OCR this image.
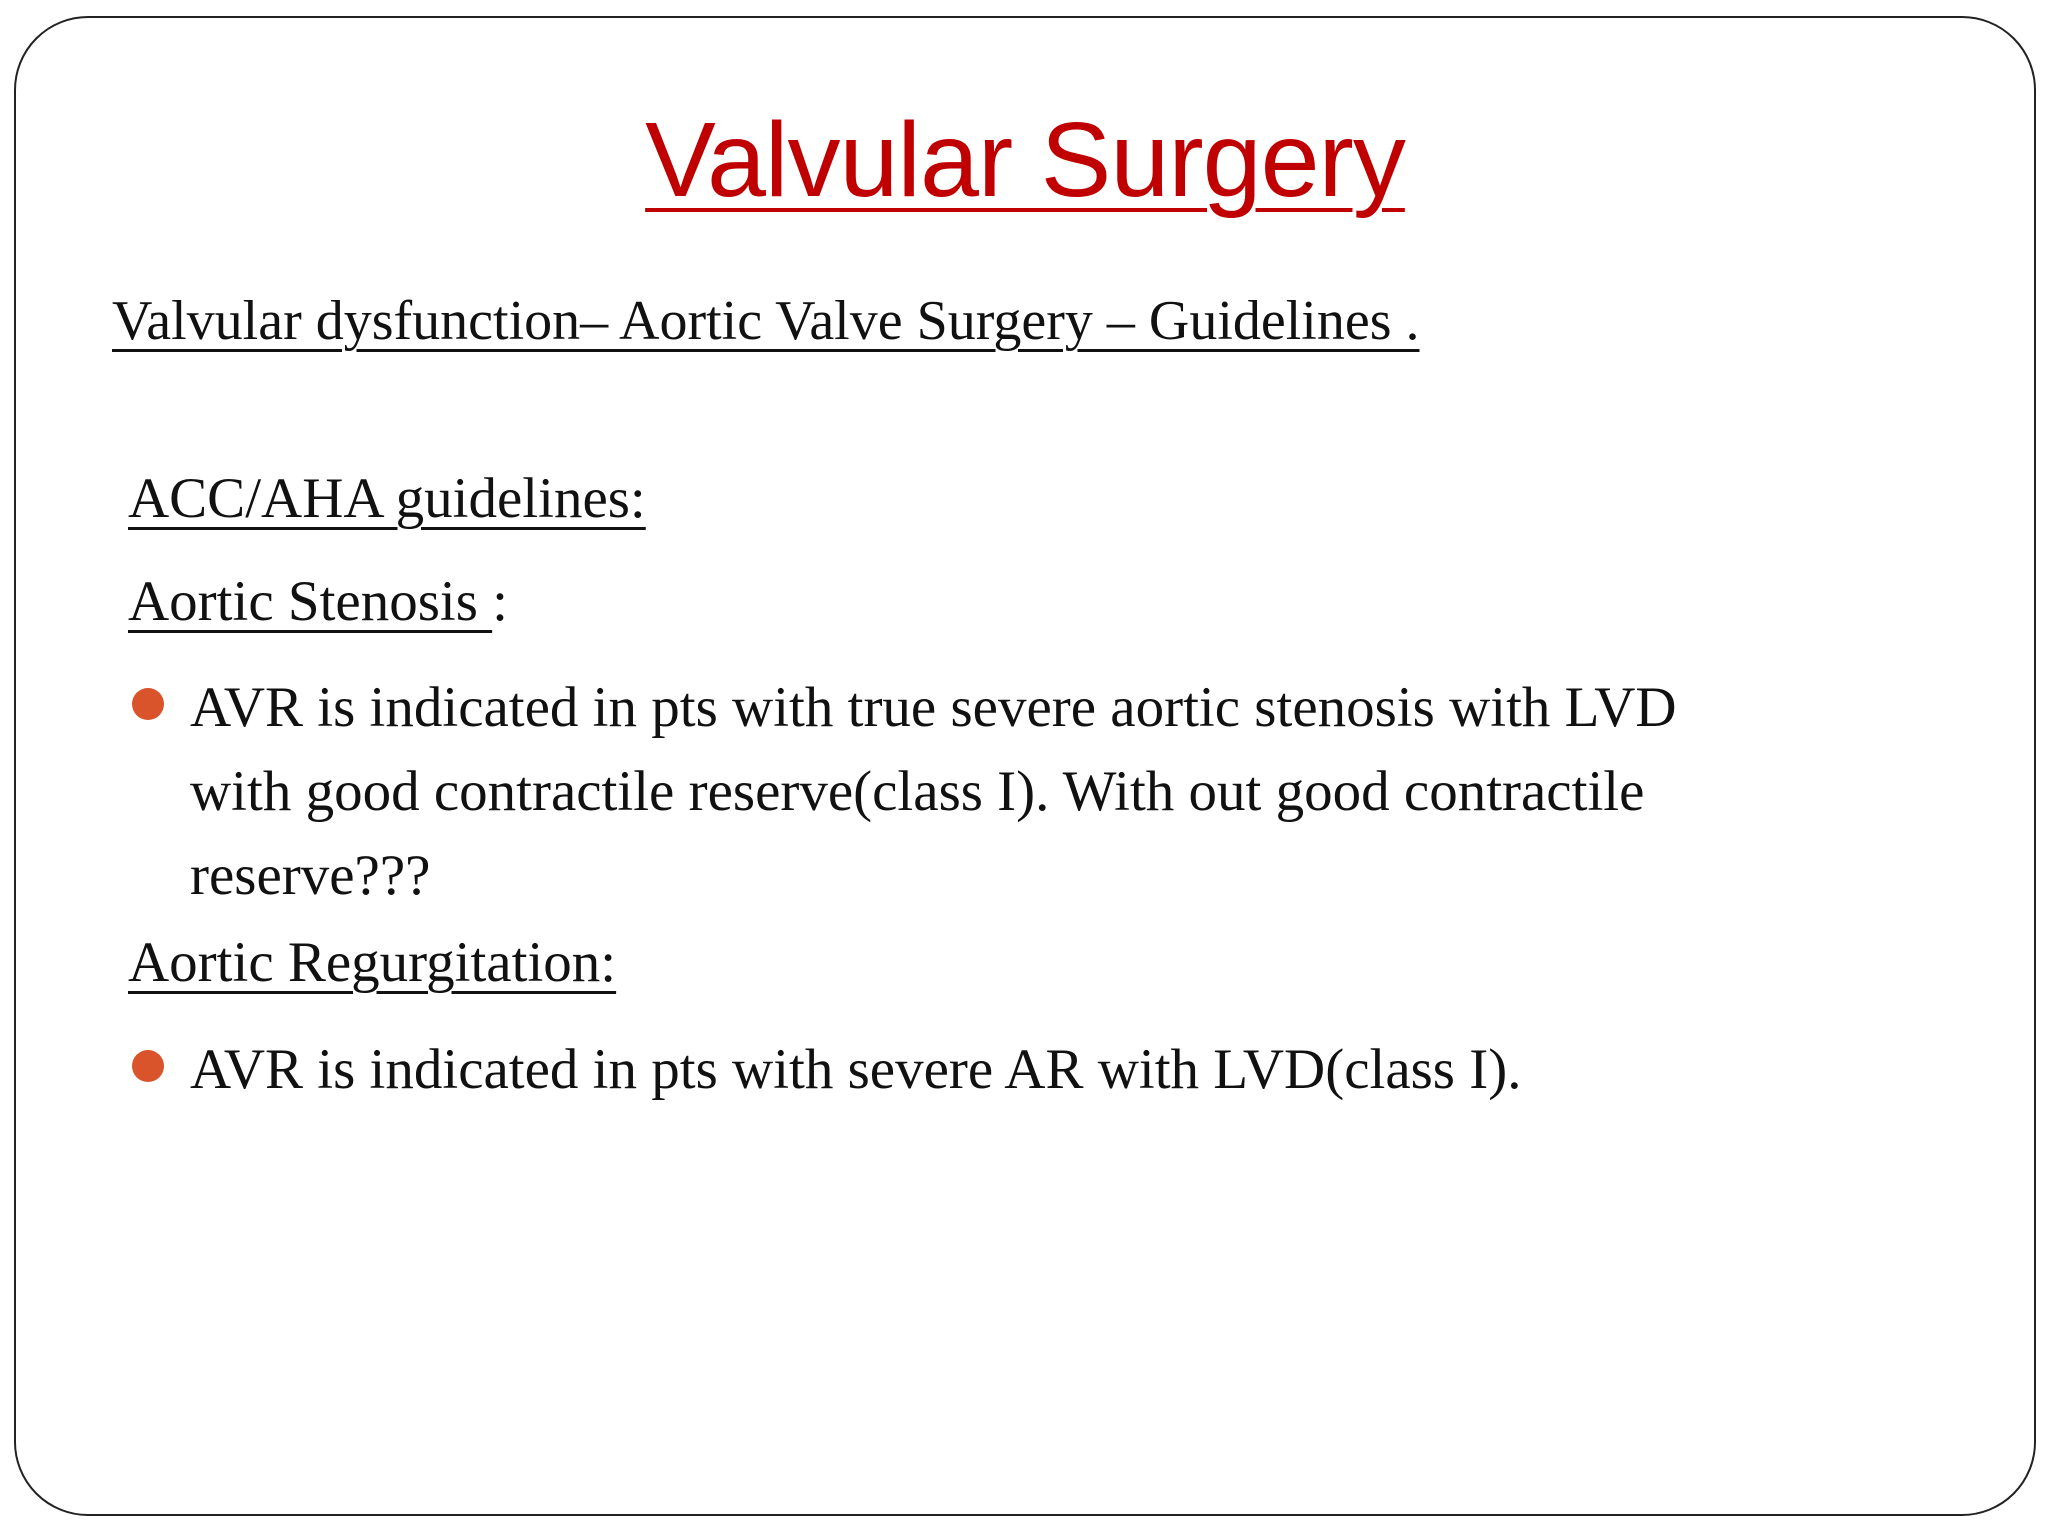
Valvular Surgery

Valvular dysfunction– Aortic Valve Surgery – Guidelines .

ACC/AHA guidelines:

Aortic Stenosis :

AVR is indicated in pts with true severe aortic stenosis with LVD with good contractile reserve(class I). With out good contractile reserve???

Aortic Regurgitation:

AVR is indicated in pts with severe AR with LVD(class I).
